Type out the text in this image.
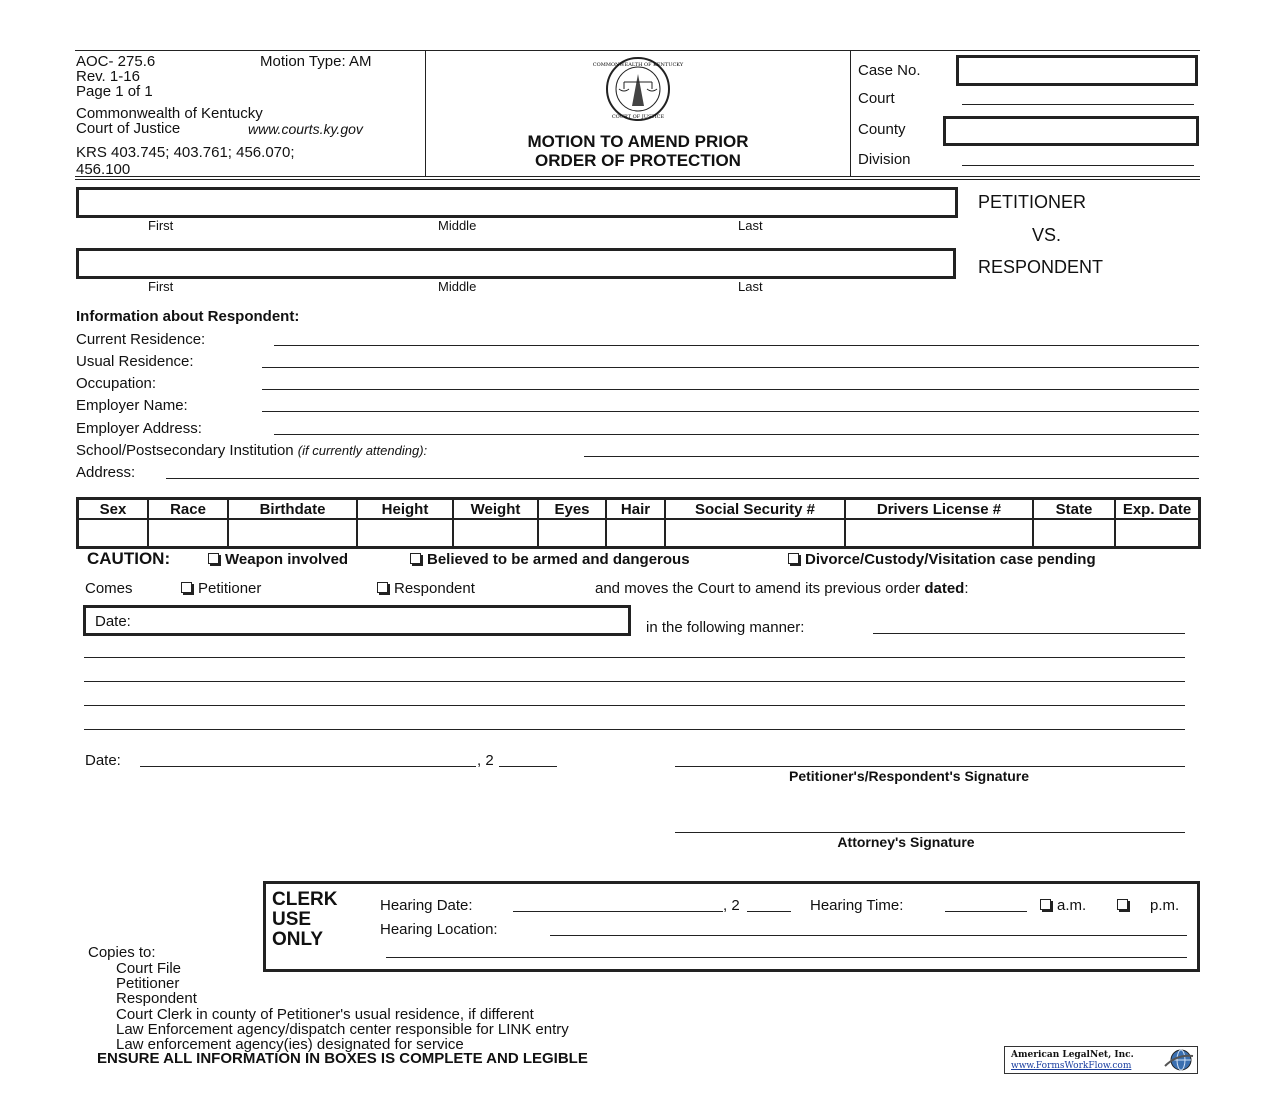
AOC- 275.6	Motion Type: AM
Rev. 1-16
Page 1 of 1
Commonwealth of Kentucky
Court of Justice	www.courts.ky.gov
KRS 403.745; 403.761; 456.070;
456.100
COMMONWEALTH OF KENTUCKY
COURT OF JUSTICE
MOTION TO AMEND PRIOR
ORDER OF PROTECTION
Case No.
Court
County
Division
First	Middle	Last
First	Middle	Last
PETITIONER
VS.
RESPONDENT
Information about Respondent:
Current Residence:
Usual Residence:
Occupation:
Employer Name:
Employer Address:
School/Postsecondary Institution (if currently attending):
Address:
Sex	Race	Birthdate	Height	Weight	Eyes	Hair	Social Security #	Drivers License #	State	Exp. Date

CAUTION:	Weapon involved	Believed to be armed and dangerous	Divorce/Custody/Visitation case pending
Comes	Petitioner	Respondent	and moves the Court to amend its previous order dated:
Date:	in the following manner:
Date:	, 2
Petitioner's/Respondent's Signature
Attorney's Signature
CLERK
USE
ONLY
Hearing Date:	, 2	Hearing Time:	a.m.	p.m.
Hearing Location:
Copies to:
Court File
Petitioner
Respondent
Court Clerk in county of Petitioner's usual residence, if different
Law Enforcement agency/dispatch center responsible for LINK entry
Law enforcement agency(ies) designated for service
ENSURE ALL INFORMATION IN BOXES IS COMPLETE AND LEGIBLE	American LegalNet, Inc.
www.FormsWorkFlow.com
